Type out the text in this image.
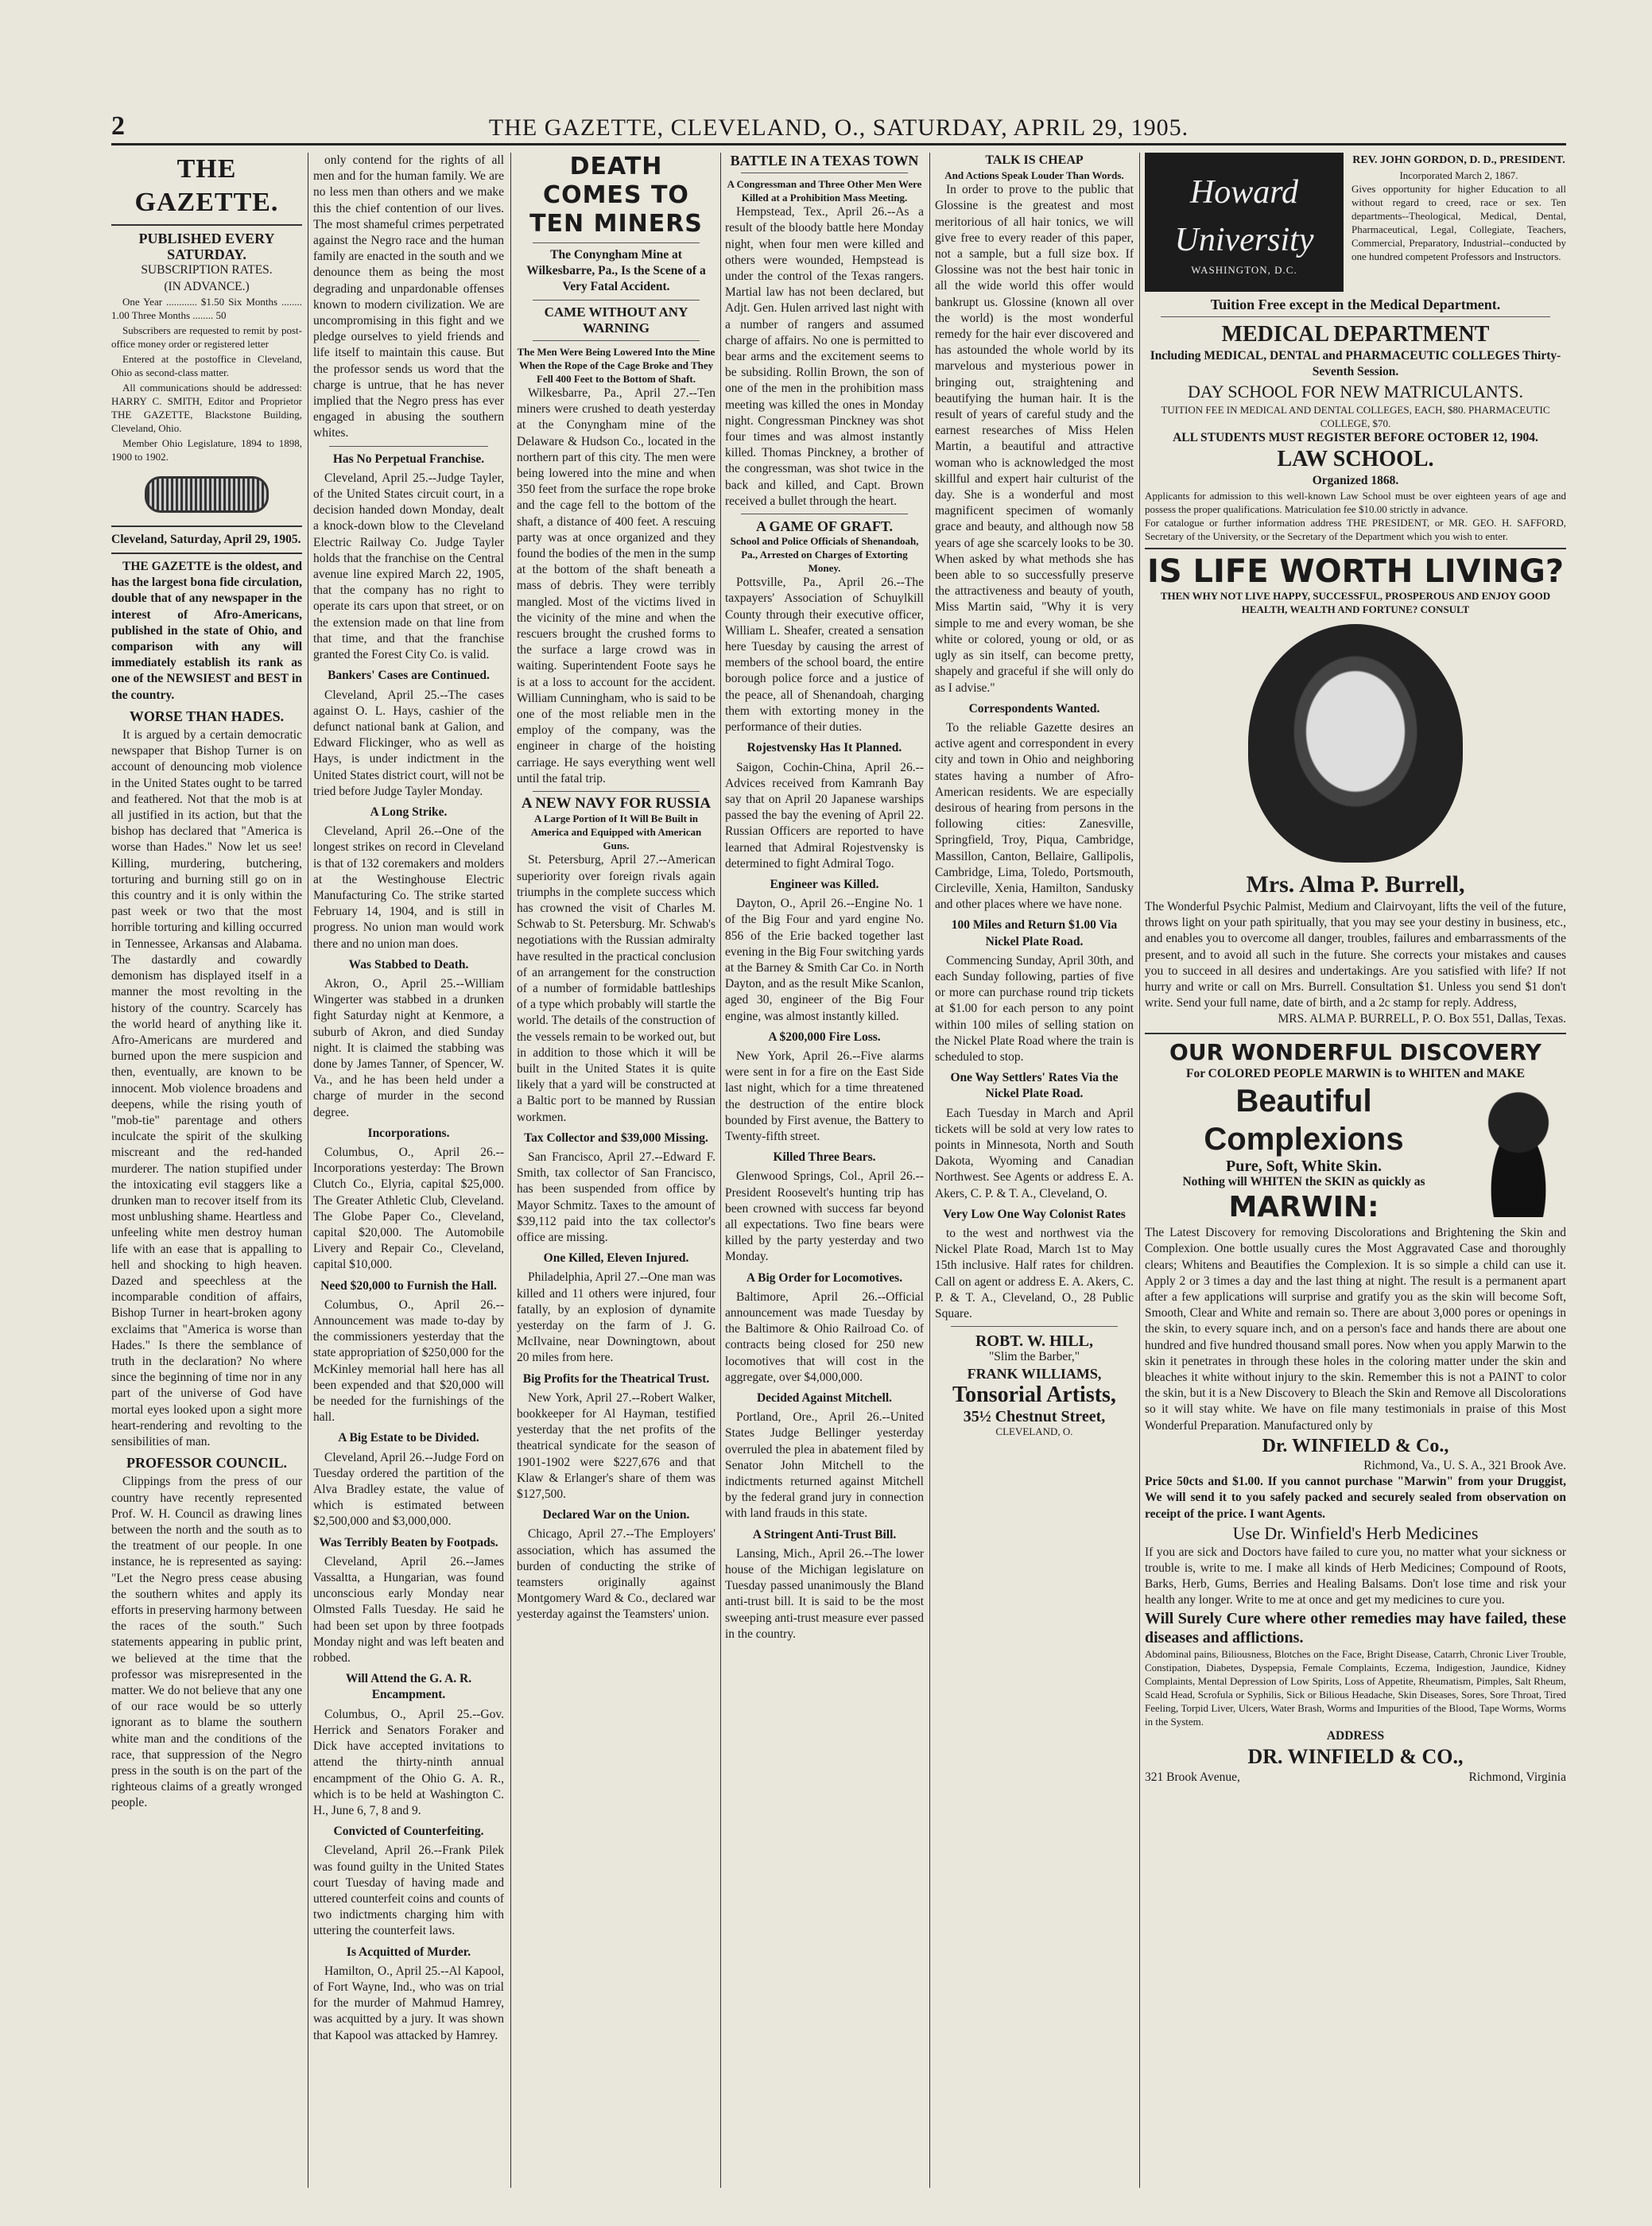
2	THE GAZETTE, CLEVELAND, O., SATURDAY, APRIL 29, 1905.
THE GAZETTE.
PUBLISHED EVERY SATURDAY.
SUBSCRIPTION RATES.
(IN ADVANCE.)

One Year ............ $1.50 Six Months ........ 1.00 Three Months ........ 50

Subscribers are requested to remit by post-office money order or registered letter

Entered at the postoffice in Cleveland, Ohio as second-class matter.

All communications should be addressed: HARRY C. SMITH, Editor and Proprietor THE GAZETTE, Blackstone Building, Cleveland, Ohio.

Member Ohio Legislature, 1894 to 1898, 1900 to 1902.

Cleveland, Saturday, April 29, 1905.

THE GAZETTE is the oldest, and has the largest bona fide circulation, double that of any newspaper in the interest of Afro-Americans, published in the state of Ohio, and comparison with any will immediately establish its rank as one of the NEWSIEST and BEST in the country.

WORSE THAN HADES.

It is argued by a certain democratic newspaper that Bishop Turner is on account of denouncing mob violence in the United States ought to be tarred and feathered. Not that the mob is at all justified in its action, but that the bishop has declared that "America is worse than Hades." Now let us see! Killing, murdering, butchering, torturing and burning still go on in this country and it is only within the past week or two that the most horrible torturing and killing occurred in Tennessee, Arkansas and Alabama. The dastardly and cowardly demonism has displayed itself in a manner the most revolting in the history of the country. Scarcely has the world heard of anything like it. Afro-Americans are murdered and burned upon the mere suspicion and then, eventually, are known to be innocent. Mob violence broadens and deepens, while the rising youth of "mob-tie" parentage and others inculcate the spirit of the skulking miscreant and the red-handed murderer. The nation stupified under the intoxicating evil staggers like a drunken man to recover itself from its most unblushing shame. Heartless and unfeeling white men destroy human life with an ease that is appalling to hell and shocking to high heaven. Dazed and speechless at the incomparable condition of affairs, Bishop Turner in heart-broken agony exclaims that "America is worse than Hades." Is there the semblance of truth in the declaration? No where since the beginning of time nor in any part of the universe of God have mortal eyes looked upon a sight more heart-rendering and revolting to the sensibilities of man.

PROFESSOR COUNCIL.

Clippings from the press of our country have recently represented Prof. W. H. Council as drawing lines between the north and the south as to the treatment of our people. In one instance, he is represented as saying: "Let the Negro press cease abusing the southern whites and apply its efforts in preserving harmony between the races of the south." Such statements appearing in public print, we believed at the time that the professor was misrepresented in the matter. We do not believe that any one of our race would be so utterly ignorant as to blame the southern white man and the conditions of the race, that suppression of the Negro press in the south is on the part of the righteous claims of a greatly wronged people.

only contend for the rights of all men and for the human family. We are no less men than others and we make this the chief contention of our lives. The most shameful crimes perpetrated against the Negro race and the human family are enacted in the south and we denounce them as being the most degrading and unpardonable offenses known to modern civilization. We are uncompromising in this fight and we pledge ourselves to yield friends and life itself to maintain this cause. But the professor sends us word that the charge is untrue, that he has never implied that the Negro press has ever engaged in abusing the southern whites.

Has No Perpetual Franchise.

Cleveland, April 25.--Judge Tayler, of the United States circuit court, in a decision handed down Monday, dealt a knock-down blow to the Cleveland Electric Railway Co. Judge Tayler holds that the franchise on the Central avenue line expired March 22, 1905, that the company has no right to operate its cars upon that street, or on the extension made on that line from that time, and that the franchise granted the Forest City Co. is valid.

Bankers' Cases are Continued.

Cleveland, April 25.--The cases against O. L. Hays, cashier of the defunct national bank at Galion, and Edward Flickinger, who as well as Hays, is under indictment in the United States district court, will not be tried before Judge Tayler Monday.

A Long Strike.

Cleveland, April 26.--One of the longest strikes on record in Cleveland is that of 132 coremakers and molders at the Westinghouse Electric Manufacturing Co. The strike started February 14, 1904, and is still in progress. No union man would work there and no union man does.

Was Stabbed to Death.

Akron, O., April 25.--William Wingerter was stabbed in a drunken fight Saturday night at Kenmore, a suburb of Akron, and died Sunday night. It is claimed the stabbing was done by James Tanner, of Spencer, W. Va., and he has been held under a charge of murder in the second degree.

Incorporations.

Columbus, O., April 26.--Incorporations yesterday: The Brown Clutch Co., Elyria, capital $25,000. The Greater Athletic Club, Cleveland. The Globe Paper Co., Cleveland, capital $20,000. The Automobile Livery and Repair Co., Cleveland, capital $10,000.

Need $20,000 to Furnish the Hall.

Columbus, O., April 26.--Announcement was made to-day by the commissioners yesterday that the state appropriation of $250,000 for the McKinley memorial hall here has all been expended and that $20,000 will be needed for the furnishings of the hall.

A Big Estate to be Divided.

Cleveland, April 26.--Judge Ford on Tuesday ordered the partition of the Alva Bradley estate, the value of which is estimated between $2,500,000 and $3,000,000.

Was Terribly Beaten by Footpads.

Cleveland, April 26.--James Vassaltta, a Hungarian, was found unconscious early Monday near Olmsted Falls Tuesday. He said he had been set upon by three footpads Monday night and was left beaten and robbed.

Will Attend the G. A. R. Encampment.

Columbus, O., April 25.--Gov. Herrick and Senators Foraker and Dick have accepted invitations to attend the thirty-ninth annual encampment of the Ohio G. A. R., which is to be held at Washington C. H., June 6, 7, 8 and 9.

Convicted of Counterfeiting.

Cleveland, April 26.--Frank Pilek was found guilty in the United States court Tuesday of having made and uttered counterfeit coins and counts of two indictments charging him with uttering the counterfeit laws.

Is Acquitted of Murder.

Hamilton, O., April 25.--Al Kapool, of Fort Wayne, Ind., who was on trial for the murder of Mahmud Hamrey, was acquitted by a jury. It was shown that Kapool was attacked by Hamrey.

DEATH COMES TO TEN MINERS
The Conyngham Mine at Wilkesbarre, Pa., Is the Scene of a Very Fatal Accident.
CAME WITHOUT ANY WARNING
The Men Were Being Lowered Into the Mine When the Rope of the Cage Broke and They Fell 400 Feet to the Bottom of Shaft.

Wilkesbarre, Pa., April 27.--Ten miners were crushed to death yesterday at the Conyngham mine of the Delaware & Hudson Co., located in the northern part of this city. The men were being lowered into the mine and when 350 feet from the surface the rope broke and the cage fell to the bottom of the shaft, a distance of 400 feet. A rescuing party was at once organized and they found the bodies of the men in the sump at the bottom of the shaft beneath a mass of debris. They were terribly mangled. Most of the victims lived in the vicinity of the mine and when the rescuers brought the crushed forms to the surface a large crowd was in waiting. Superintendent Foote says he is at a loss to account for the accident. William Cunningham, who is said to be one of the most reliable men in the employ of the company, was the engineer in charge of the hoisting carriage. He says everything went well until the fatal trip.

A NEW NAVY FOR RUSSIA
A Large Portion of It Will Be Built in America and Equipped with American Guns.

St. Petersburg, April 27.--American superiority over foreign rivals again triumphs in the complete success which has crowned the visit of Charles M. Schwab to St. Petersburg. Mr. Schwab's negotiations with the Russian admiralty have resulted in the practical conclusion of an arrangement for the construction of a number of formidable battleships of a type which probably will startle the world. The details of the construction of the vessels remain to be worked out, but in addition to those which it will be built in the United States it is quite likely that a yard will be constructed at a Baltic port to be manned by Russian workmen.

Tax Collector and $39,000 Missing.

San Francisco, April 27.--Edward F. Smith, tax collector of San Francisco, has been suspended from office by Mayor Schmitz. Taxes to the amount of $39,112 paid into the tax collector's office are missing.

One Killed, Eleven Injured.

Philadelphia, April 27.--One man was killed and 11 others were injured, four fatally, by an explosion of dynamite yesterday on the farm of J. G. McIlvaine, near Downingtown, about 20 miles from here.

Big Profits for the Theatrical Trust.

New York, April 27.--Robert Walker, bookkeeper for Al Hayman, testified yesterday that the net profits of the theatrical syndicate for the season of 1901-1902 were $227,676 and that Klaw & Erlanger's share of them was $127,500.

Declared War on the Union.

Chicago, April 27.--The Employers' association, which has assumed the burden of conducting the strike of teamsters originally against Montgomery Ward & Co., declared war yesterday against the Teamsters' union.

BATTLE IN A TEXAS TOWN
A Congressman and Three Other Men Were Killed at a Prohibition Mass Meeting.

Hempstead, Tex., April 26.--As a result of the bloody battle here Monday night, when four men were killed and others were wounded, Hempstead is under the control of the Texas rangers. Martial law has not been declared, but Adjt. Gen. Hulen arrived last night with a number of rangers and assumed charge of affairs. No one is permitted to bear arms and the excitement seems to be subsiding. Rollin Brown, the son of one of the men in the prohibition mass meeting was killed the ones in Monday night. Congressman Pinckney was shot four times and was almost instantly killed. Thomas Pinckney, a brother of the congressman, was shot twice in the back and killed, and Capt. Brown received a bullet through the heart.

A GAME OF GRAFT.
School and Police Officials of Shenandoah, Pa., Arrested on Charges of Extorting Money.

Pottsville, Pa., April 26.--The taxpayers' Association of Schuylkill County through their executive officer, William L. Sheafer, created a sensation here Tuesday by causing the arrest of members of the school board, the entire borough police force and a justice of the peace, all of Shenandoah, charging them with extorting money in the performance of their duties.

Rojestvensky Has It Planned.

Saigon, Cochin-China, April 26.--Advices received from Kamranh Bay say that on April 20 Japanese warships passed the bay the evening of April 22. Russian Officers are reported to have learned that Admiral Rojestvensky is determined to fight Admiral Togo.

Engineer was Killed.

Dayton, O., April 26.--Engine No. 1 of the Big Four and yard engine No. 856 of the Erie backed together last evening in the Big Four switching yards at the Barney & Smith Car Co. in North Dayton, and as the result Mike Scanlon, aged 30, engineer of the Big Four engine, was almost instantly killed.

A $200,000 Fire Loss.

New York, April 26.--Five alarms were sent in for a fire on the East Side last night, which for a time threatened the destruction of the entire block bounded by First avenue, the Battery to Twenty-fifth street.

Killed Three Bears.

Glenwood Springs, Col., April 26.--President Roosevelt's hunting trip has been crowned with success far beyond all expectations. Two fine bears were killed by the party yesterday and two Monday.

A Big Order for Locomotives.

Baltimore, April 26.--Official announcement was made Tuesday by the Baltimore & Ohio Railroad Co. of contracts being closed for 250 new locomotives that will cost in the aggregate, over $4,000,000.

Decided Against Mitchell.

Portland, Ore., April 26.--United States Judge Bellinger yesterday overruled the plea in abatement filed by Senator John Mitchell to the indictments returned against Mitchell by the federal grand jury in connection with land frauds in this state.

A Stringent Anti-Trust Bill.

Lansing, Mich., April 26.--The lower house of the Michigan legislature on Tuesday passed unanimously the Bland anti-trust bill. It is said to be the most sweeping anti-trust measure ever passed in the country.

TALK IS CHEAP
And Actions Speak Louder Than Words.

In order to prove to the public that Glossine is the greatest and most meritorious of all hair tonics, we will give free to every reader of this paper, not a sample, but a full size box. If Glossine was not the best hair tonic in all the wide world this offer would bankrupt us. Glossine (known all over the world) is the most wonderful remedy for the hair ever discovered and has astounded the whole world by its marvelous and mysterious power in bringing out, straightening and beautifying the human hair. It is the result of years of careful study and the earnest researches of Miss Helen Martin, a beautiful and attractive woman who is acknowledged the most skillful and expert hair culturist of the day. She is a wonderful and most magnificent specimen of womanly grace and beauty, and although now 58 years of age she scarcely looks to be 30. When asked by what methods she has been able to so successfully preserve the attractiveness and beauty of youth, Miss Martin said, "Why it is very simple to me and every woman, be she white or colored, young or old, or as ugly as sin itself, can become pretty, shapely and graceful if she will only do as I advise."

Correspondents Wanted.

To the reliable Gazette desires an active agent and correspondent in every city and town in Ohio and neighboring states having a number of Afro-American residents. We are especially desirous of hearing from persons in the following cities: Zanesville, Springfield, Troy, Piqua, Cambridge, Massillon, Canton, Bellaire, Gallipolis, Cambridge, Lima, Toledo, Portsmouth, Circleville, Xenia, Hamilton, Sandusky and other places where we have none.

100 Miles and Return $1.00 Via Nickel Plate Road.

Commencing Sunday, April 30th, and each Sunday following, parties of five or more can purchase round trip tickets at $1.00 for each person to any point within 100 miles of selling station on the Nickel Plate Road where the train is scheduled to stop.

One Way Settlers' Rates Via the Nickel Plate Road.

Each Tuesday in March and April tickets will be sold at very low rates to points in Minnesota, North and South Dakota, Wyoming and Canadian Northwest. See Agents or address E. A. Akers, C. P. & T. A., Cleveland, O.

Very Low One Way Colonist Rates

to the west and northwest via the Nickel Plate Road, March 1st to May 15th inclusive. Half rates for children. Call on agent or address E. A. Akers, C. P. & T. A., Cleveland, O., 28 Public Square.

ROBT. W. HILL,
"Slim the Barber,"
FRANK WILLIAMS,
Tonsorial Artists,
35½ Chestnut Street,
CLEVELAND, O.
Howard
University
WASHINGTON, D.C.
REV. JOHN GORDON, D. D., PRESIDENT.
Incorporated March 2, 1867.
Gives opportunity for higher Education to all without regard to creed, race or sex. Ten departments--Theological, Medical, Dental, Pharmaceutical, Legal, Collegiate, Teachers, Commercial, Preparatory, Industrial--conducted by one hundred competent Professors and Instructors.
Tuition Free except in the Medical Department.
MEDICAL DEPARTMENT
Including MEDICAL, DENTAL and PHARMACEUTIC COLLEGES Thirty-Seventh Session.
DAY SCHOOL FOR NEW MATRICULANTS.
TUITION FEE IN MEDICAL AND DENTAL COLLEGES, EACH, $80. PHARMACEUTIC COLLEGE, $70.
ALL STUDENTS MUST REGISTER BEFORE OCTOBER 12, 1904.
LAW SCHOOL.
Organized 1868.
Applicants for admission to this well-known Law School must be over eighteen years of age and possess the proper qualifications. Matriculation fee $10.00 strictly in advance.
For catalogue or further information address THE PRESIDENT, or MR. GEO. H. SAFFORD, Secretary of the University, or the Secretary of the Department which you wish to enter.
IS LIFE WORTH LIVING?
THEN WHY NOT LIVE HAPPY, SUCCESSFUL, PROSPEROUS AND ENJOY GOOD HEALTH, WEALTH AND FORTUNE? CONSULT
Mrs. Alma P. Burrell,
The Wonderful Psychic Palmist, Medium and Clairvoyant, lifts the veil of the future, throws light on your path spiritually, that you may see your destiny in business, etc., and enables you to overcome all danger, troubles, failures and embarrassments of the present, and to avoid all such in the future. She corrects your mistakes and causes you to succeed in all desires and undertakings. Are you satisfied with life? If not hurry and write or call on Mrs. Burrell. Consultation $1. Unless you send $1 don't write. Send your full name, date of birth, and a 2c stamp for reply. Address,
MRS. ALMA P. BURRELL, P. O. Box 551, Dallas, Texas.
OUR WONDERFUL DISCOVERY
For COLORED PEOPLE MARWIN is to WHITEN and MAKE
Beautiful Complexions
Pure, Soft, White Skin.
Nothing will WHITEN the SKIN as quickly as
MARWIN:
The Latest Discovery for removing Discolorations and Brightening the Skin and Complexion. One bottle usually cures the Most Aggravated Case and thoroughly clears; Whitens and Beautifies the Complexion. It is so simple a child can use it. Apply 2 or 3 times a day and the last thing at night. The result is a permanent apart after a few applications will surprise and gratify you as the skin will become Soft, Smooth, Clear and White and remain so. There are about 3,000 pores or openings in the skin, to every square inch, and on a person's face and hands there are about one hundred and five hundred thousand small pores. Now when you apply Marwin to the skin it penetrates in through these holes in the coloring matter under the skin and bleaches it white without injury to the skin. Remember this is not a PAINT to color the skin, but it is a New Discovery to Bleach the Skin and Remove all Discolorations so it will stay white. We have on file many testimonials in praise of this Most Wonderful Preparation. Manufactured only by
Dr. WINFIELD & Co.,
Richmond, Va., U. S. A., 321 Brook Ave.
Price 50cts and $1.00. If you cannot purchase "Marwin" from your Druggist, We will send it to you safely packed and securely sealed from observation on receipt of the price. I want Agents.
Use Dr. Winfield's Herb Medicines
If you are sick and Doctors have failed to cure you, no matter what your sickness or trouble is, write to me. I make all kinds of Herb Medicines; Compound of Roots, Barks, Herb, Gums, Berries and Healing Balsams. Don't lose time and risk your health any longer. Write to me at once and get my medicines to cure you.
Will Surely Cure where other remedies may have failed, these diseases and afflictions.
Abdominal pains, Biliousness, Blotches on the Face, Bright Disease, Catarrh, Chronic Liver Trouble, Constipation, Diabetes, Dyspepsia, Female Complaints, Eczema, Indigestion, Jaundice, Kidney Complaints, Mental Depression of Low Spirits, Loss of Appetite, Rheumatism, Pimples, Salt Rheum, Scald Head, Scrofula or Syphilis, Sick or Bilious Headache, Skin Diseases, Sores, Sore Throat, Tired Feeling, Torpid Liver, Ulcers, Water Brash, Worms and Impurities of the Blood, Tape Worms, Worms in the System.
ADDRESS
DR. WINFIELD & CO.,
321 Brook Avenue,	Richmond, Virginia
